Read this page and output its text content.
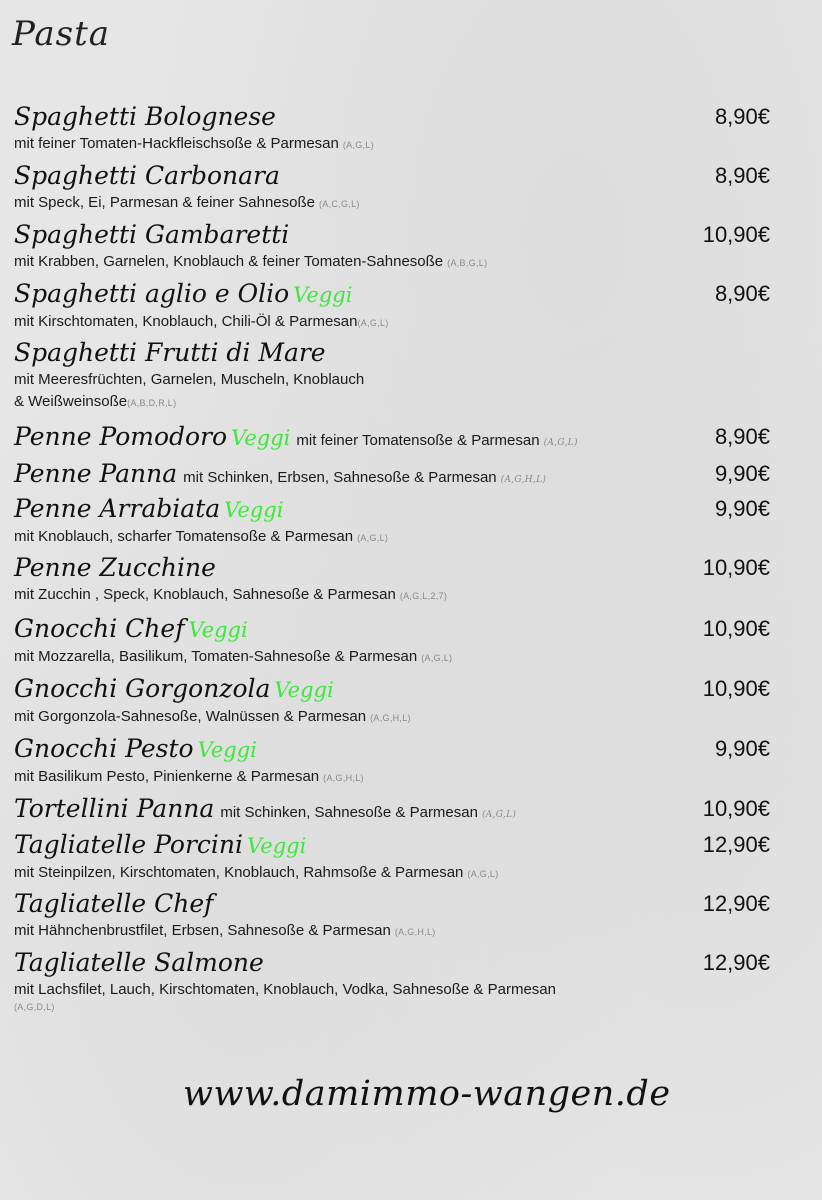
Pasta
Spaghetti Bolognese	8,90€
mit feiner Tomaten-Hackfleischsoße & Parmesan (A,G,L)
Spaghetti Carbonara	8,90€
mit Speck, Ei, Parmesan & feiner Sahnesoße (A,C,G,L)
Spaghetti Gambaretti	10,90€
mit Krabben, Garnelen, Knoblauch & feiner Tomaten-Sahnesoße (A,B,G,L)
Spaghetti aglio e Olio Veggi	8,90€
mit Kirschtomaten, Knoblauch, Chili-Öl & Parmesan(A,G,L)
Spaghetti Frutti di Mare
mit Meeresfrüchten, Garnelen, Muscheln, Knoblauch
& Weißweinsoße(A,B,D,R,L)
Penne Pomodoro Veggi mit feiner Tomatensoße & Parmesan (A,G,L)	8,90€
Penne Panna mit Schinken, Erbsen, Sahnesoße & Parmesan (A,G,H,L)	9,90€
Penne Arrabiata Veggi	9,90€
mit Knoblauch, scharfer Tomatensoße & Parmesan (A,G,L)
Penne Zucchine	10,90€
mit Zucchin , Speck, Knoblauch, Sahnesoße & Parmesan (A,G,L,2,7)
Gnocchi Chef Veggi	10,90€
mit Mozzarella, Basilikum, Tomaten-Sahnesoße & Parmesan (A,G,L)
Gnocchi Gorgonzola Veggi	10,90€
mit Gorgonzola-Sahnesoße, Walnüssen & Parmesan (A,G,H,L)
Gnocchi Pesto Veggi	9,90€
mit Basilikum Pesto, Pinienkerne & Parmesan (A,G,H,L)
Tortellini Panna mit Schinken, Sahnesoße & Parmesan (A,G,L)	10,90€
Tagliatelle Porcini Veggi	12,90€
mit Steinpilzen, Kirschtomaten, Knoblauch, Rahmsoße & Parmesan (A,G,L)
Tagliatelle Chef	12,90€
mit Hähnchenbrustfilet, Erbsen, Sahnesoße & Parmesan (A,G,H,L)
Tagliatelle Salmone	12,90€
mit Lachsfilet, Lauch, Kirschtomaten, Knoblauch, Vodka, Sahnesoße & Parmesan
(A,G,D,L)
www.damimmo-wangen.de
